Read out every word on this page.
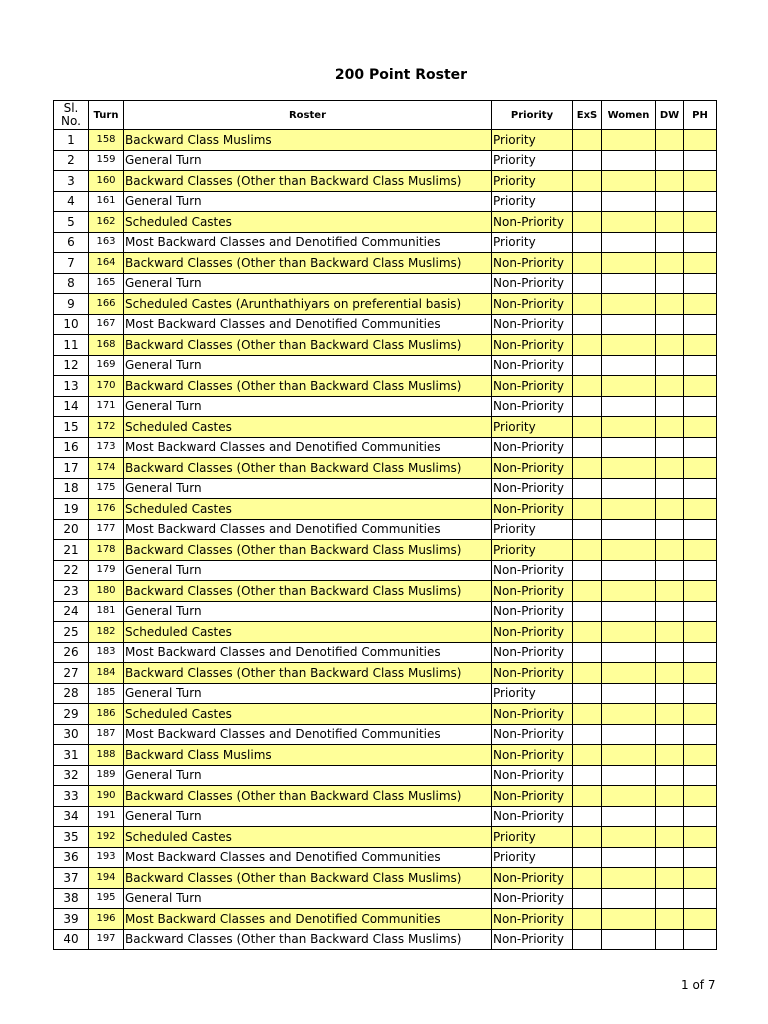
200 Point Roster
Sl. No.	Turn	Roster	Priority	ExS	Women	DW	PH
1	158	Backward Class Muslims	Priority				
2	159	General Turn	Priority				
3	160	Backward Classes (Other than Backward Class Muslims)	Priority				
4	161	General Turn	Priority				
5	162	Scheduled Castes	Non-Priority				
6	163	Most Backward Classes and Denotified Communities	Priority				
7	164	Backward Classes (Other than Backward Class Muslims)	Non-Priority				
8	165	General Turn	Non-Priority				
9	166	Scheduled Castes (Arunthathiyars on preferential basis)	Non-Priority				
10	167	Most Backward Classes and Denotified Communities	Non-Priority				
11	168	Backward Classes (Other than Backward Class Muslims)	Non-Priority				
12	169	General Turn	Non-Priority				
13	170	Backward Classes (Other than Backward Class Muslims)	Non-Priority				
14	171	General Turn	Non-Priority				
15	172	Scheduled Castes	Priority				
16	173	Most Backward Classes and Denotified Communities	Non-Priority				
17	174	Backward Classes (Other than Backward Class Muslims)	Non-Priority				
18	175	General Turn	Non-Priority				
19	176	Scheduled Castes	Non-Priority				
20	177	Most Backward Classes and Denotified Communities	Priority				
21	178	Backward Classes (Other than Backward Class Muslims)	Priority				
22	179	General Turn	Non-Priority				
23	180	Backward Classes (Other than Backward Class Muslims)	Non-Priority				
24	181	General Turn	Non-Priority				
25	182	Scheduled Castes	Non-Priority				
26	183	Most Backward Classes and Denotified Communities	Non-Priority				
27	184	Backward Classes (Other than Backward Class Muslims)	Non-Priority				
28	185	General Turn	Priority				
29	186	Scheduled Castes	Non-Priority				
30	187	Most Backward Classes and Denotified Communities	Non-Priority				
31	188	Backward Class Muslims	Non-Priority				
32	189	General Turn	Non-Priority				
33	190	Backward Classes (Other than Backward Class Muslims)	Non-Priority				
34	191	General Turn	Non-Priority				
35	192	Scheduled Castes	Priority				
36	193	Most Backward Classes and Denotified Communities	Priority				
37	194	Backward Classes (Other than Backward Class Muslims)	Non-Priority				
38	195	General Turn	Non-Priority				
39	196	Most Backward Classes and Denotified Communities	Non-Priority				
40	197	Backward Classes (Other than Backward Class Muslims)	Non-Priority				
1 of 7
